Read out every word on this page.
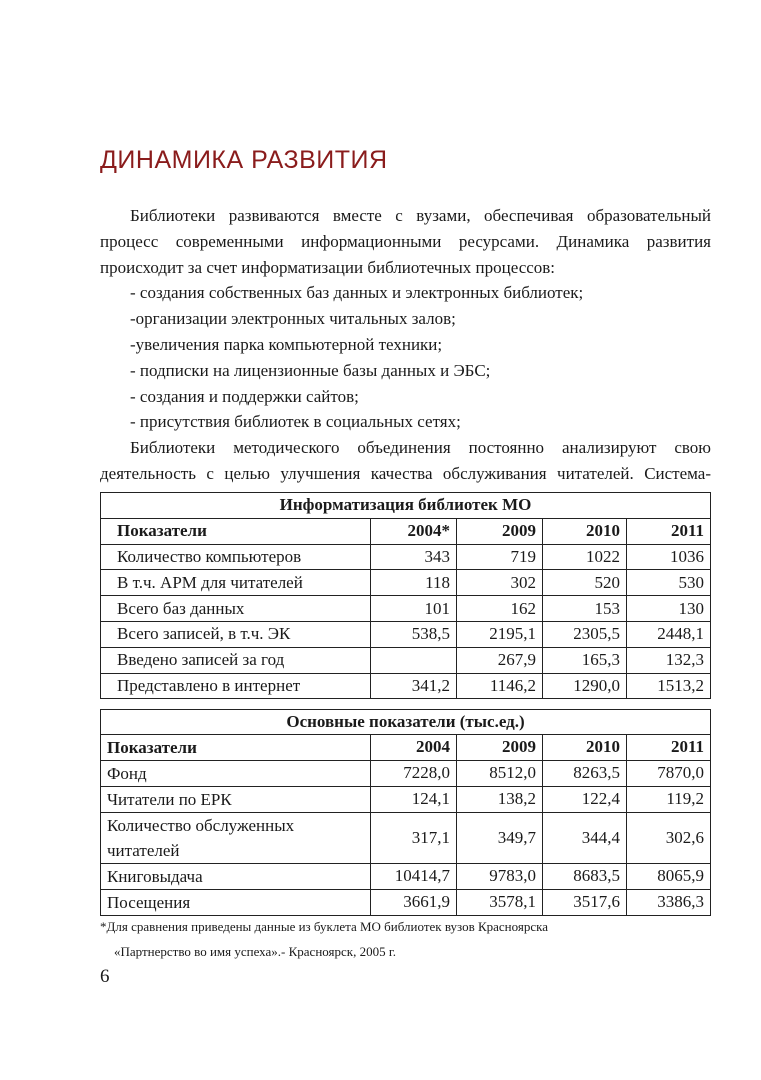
ДИНАМИКА РАЗВИТИЯ

Библиотеки развиваются вместе с вузами, обеспечивая образовательный процесс современными информационными ресурсами. Динамика развития происходит за счет информатизации библиотечных процессов:

- создания собственных баз данных и электронных библиотек;
-организации электронных читальных залов;
-увеличения парка компьютерной техники;
- подписки на лицензионные базы данных и ЭБС;
- создания и поддержки сайтов;
- присутствия библиотек в социальных сетях;

Библиотеки методического объединения постоянно анализируют свою деятельность с целью улучшения качества обслуживания читателей. Система-

Информатизация библиотек МО				
Показатели	2004*	2009	2010	2011
Количество компьютеров	343	719	1022	1036
В т.ч. АРМ для читателей	118	302	520	530
Всего баз данных	101	162	153	130
Всего записей, в т.ч. ЭК	538,5	2195,1	2305,5	2448,1
Введено записей за год		267,9	165,3	132,3
Представлено в интернет	341,2	1146,2	1290,0	1513,2
Основные показатели (тыс.ед.)				
Показатели	2004	2009	2010	2011
Фонд	7228,0	8512,0	8263,5	7870,0
Читатели по ЕРК	124,1	138,2	122,4	119,2
Количество обслуженных читателей	317,1	349,7	344,4	302,6
Книговыдача	10414,7	9783,0	8683,5	8065,9
Посещения	3661,9	3578,1	3517,6	3386,3

*Для сравнения приведены данные из буклета МО библиотек вузов Красноярска

«Партнерство во имя успеха».- Красноярск, 2005 г.

6
